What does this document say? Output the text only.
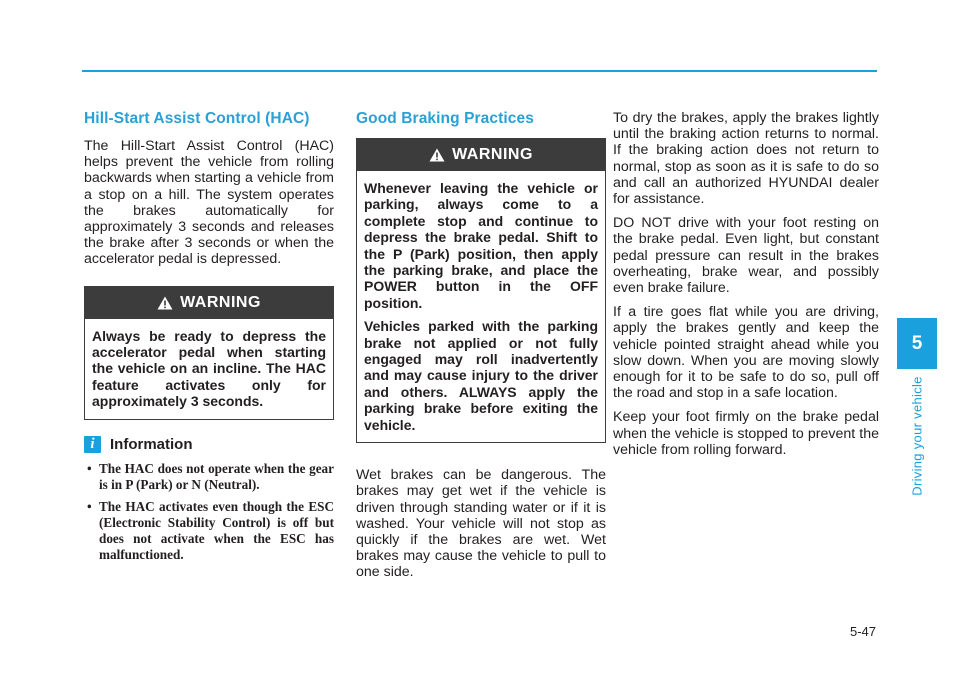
Hill-Start Assist Control (HAC)

The Hill-Start Assist Control (HAC) helps prevent the vehicle from rolling backwards when starting a vehicle from a stop on a hill. The system operates the brakes automatically for approximately 3 seconds and releases the brake after 3 seconds or when the accelerator pedal is depressed.

WARNING

Always be ready to depress the accelerator pedal when starting the vehicle on an incline. The HAC feature activates only for approximately 3 seconds.

i	Information
• The HAC does not operate when the gear is in P (Park) or N (Neutral).
• The HAC activates even though the ESC (Electronic Stability Control) is off but does not activate when the ESC has malfunctioned.
Good Braking Practices
WARNING

Whenever leaving the vehicle or parking, always come to a complete stop and continue to depress the brake pedal. Shift to the P (Park) position, then apply the parking brake, and place the POWER button in the OFF position.

Vehicles parked with the parking brake not applied or not fully engaged may roll inadvertently and may cause injury to the driver and others. ALWAYS apply the parking brake before exiting the vehicle.

Wet brakes can be dangerous. The brakes may get wet if the vehicle is driven through standing water or if it is washed. Your vehicle will not stop as quickly if the brakes are wet. Wet brakes may cause the vehicle to pull to one side.

To dry the brakes, apply the brakes lightly until the braking action returns to normal. If the braking action does not return to normal, stop as soon as it is safe to do so and call an authorized HYUNDAI dealer for assistance.

DO NOT drive with your foot resting on the brake pedal. Even light, but constant pedal pressure can result in the brakes overheating, brake wear, and possibly even brake failure.

If a tire goes flat while you are driving, apply the brakes gently and keep the vehicle pointed straight ahead while you slow down. When you are moving slowly enough for it to be safe to do so, pull off the road and stop in a safe location.

Keep your foot firmly on the brake pedal when the vehicle is stopped to prevent the vehicle from rolling forward.

5
Driving your vehicle
5-47
